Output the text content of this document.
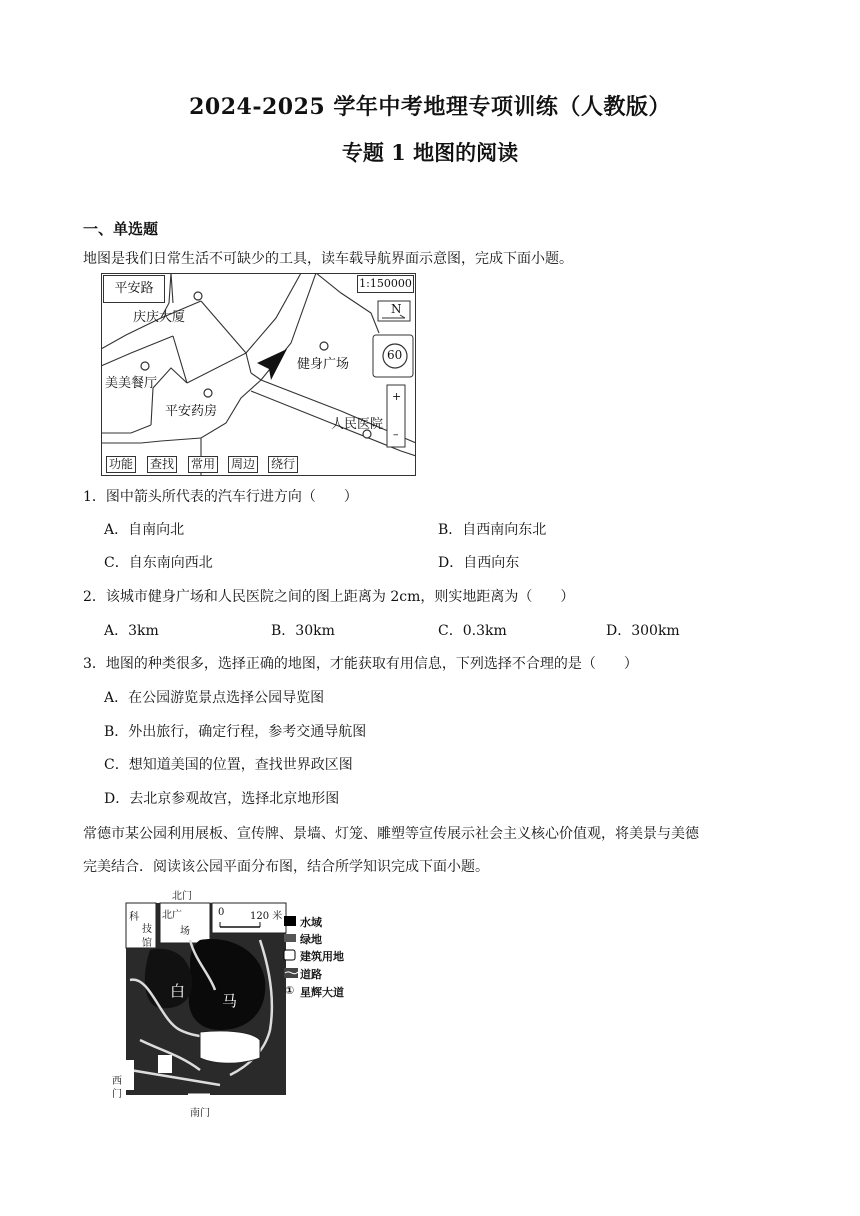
2024-2025 学年中考地理专项训练（人教版）
专题 1 地图的阅读
一、单选题
地图是我们日常生活不可缺少的工具，读车载导航界面示意图，完成下面小题。
平安路	1:150000
N
60
+
–
庆庆大厦
美美餐厅
平安药房
健身广场
人民医院
功能 查找 常用 周边 绕行
1．图中箭头所代表的汽车行进方向（　　）
A．自南向北	B．自西南向东北
C．自东南向西北	D．自西向东
2．该城市健身广场和人民医院之间的图上距离为 2cm，则实地距离为（　　）
A．3km	B．30km	C．0.3km	D．300km
3．地图的种类很多，选择正确的地图，才能获取有用信息，下列选择不合理的是（　　）
A．在公园游览景点选择公园导览图
B．外出旅行，确定行程，参考交通导航图
C．想知道美国的位置，查找世界政区图
D．去北京参观故宫，选择北京地形图
常德市某公园利用展板、宣传牌、景墙、灯笼、雕塑等宣传展示社会主义核心价值观，将美景与美德
完美结合．阅读该公园平面分布图，结合所学知识完成下面小题。
北门
北广
场
科
技
馆
0	120 米
白
马
湖
西
门
南门
水域
绿地
建筑用地
道路
① 星辉大道
